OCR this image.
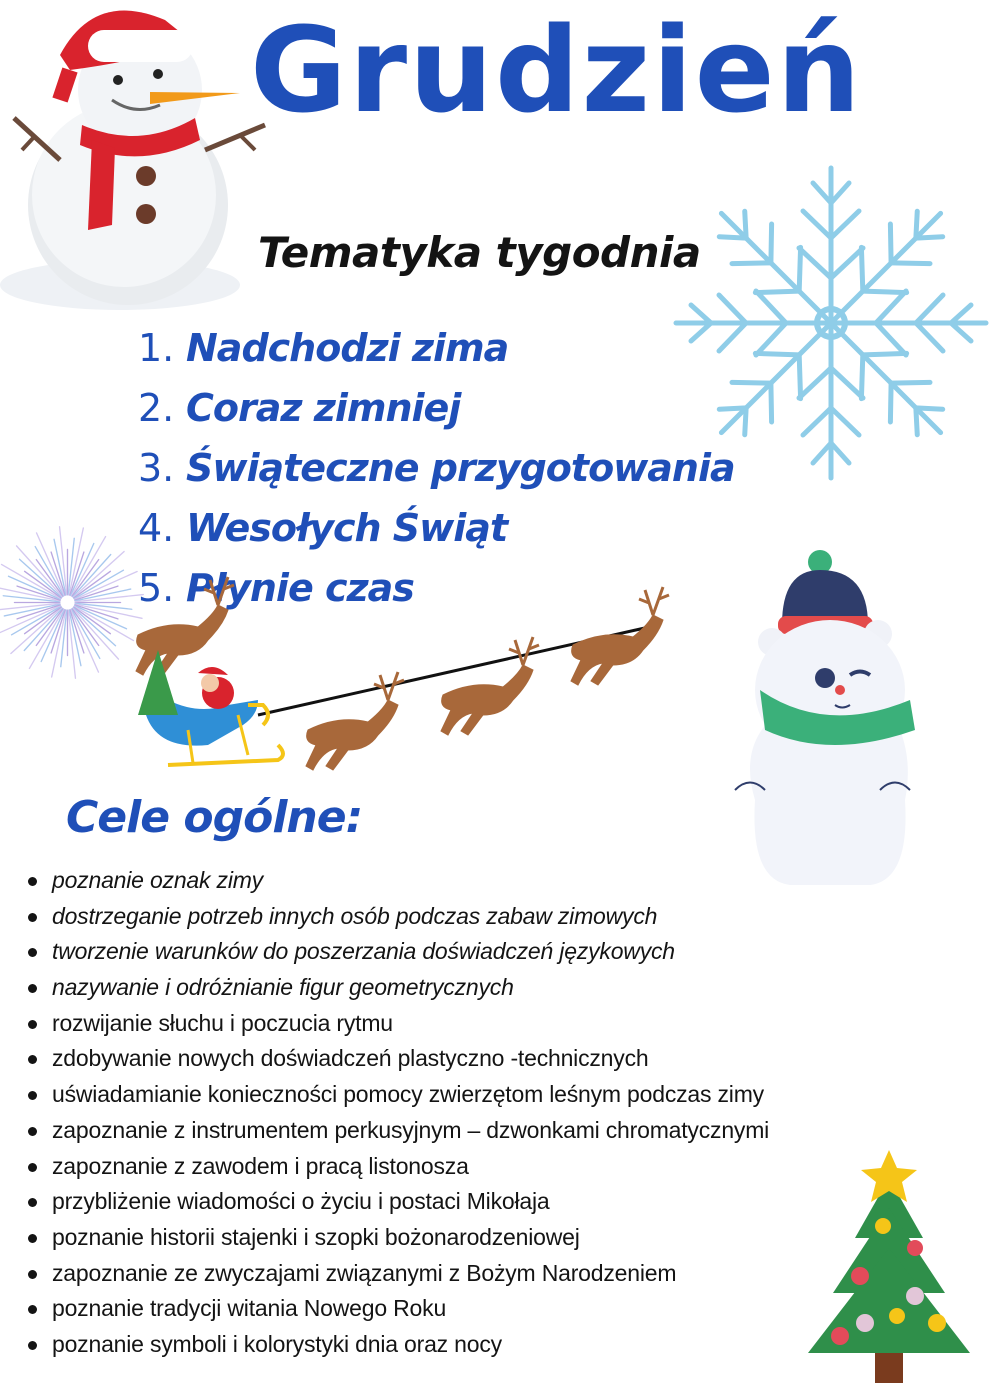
Grudzień
Tematyka tygodnia
1. Nadchodzi zima
2. Coraz zimniej
3. Świąteczne przygotowania
4. Wesołych Świąt
5. Płynie czas
Cele ogólne:
poznanie oznak zimy
dostrzeganie potrzeb innych osób podczas zabaw zimowych
tworzenie warunków do poszerzania doświadczeń językowych
nazywanie i odróżnianie figur geometrycznych
rozwijanie słuchu i poczucia rytmu
zdobywanie nowych doświadczeń plastyczno -technicznych
uświadamianie konieczności pomocy zwierzętom leśnym podczas zimy
zapoznanie z instrumentem perkusyjnym – dzwonkami chromatycznymi
zapoznanie z zawodem i pracą listonosza
przybliżenie wiadomości o życiu i postaci Mikołaja
poznanie historii stajenki i szopki bożonarodzeniowej
zapoznanie ze zwyczajami związanymi z Bożym Narodzeniem
poznanie tradycji witania Nowego Roku
poznanie symboli i kolorystyki dnia oraz nocy
